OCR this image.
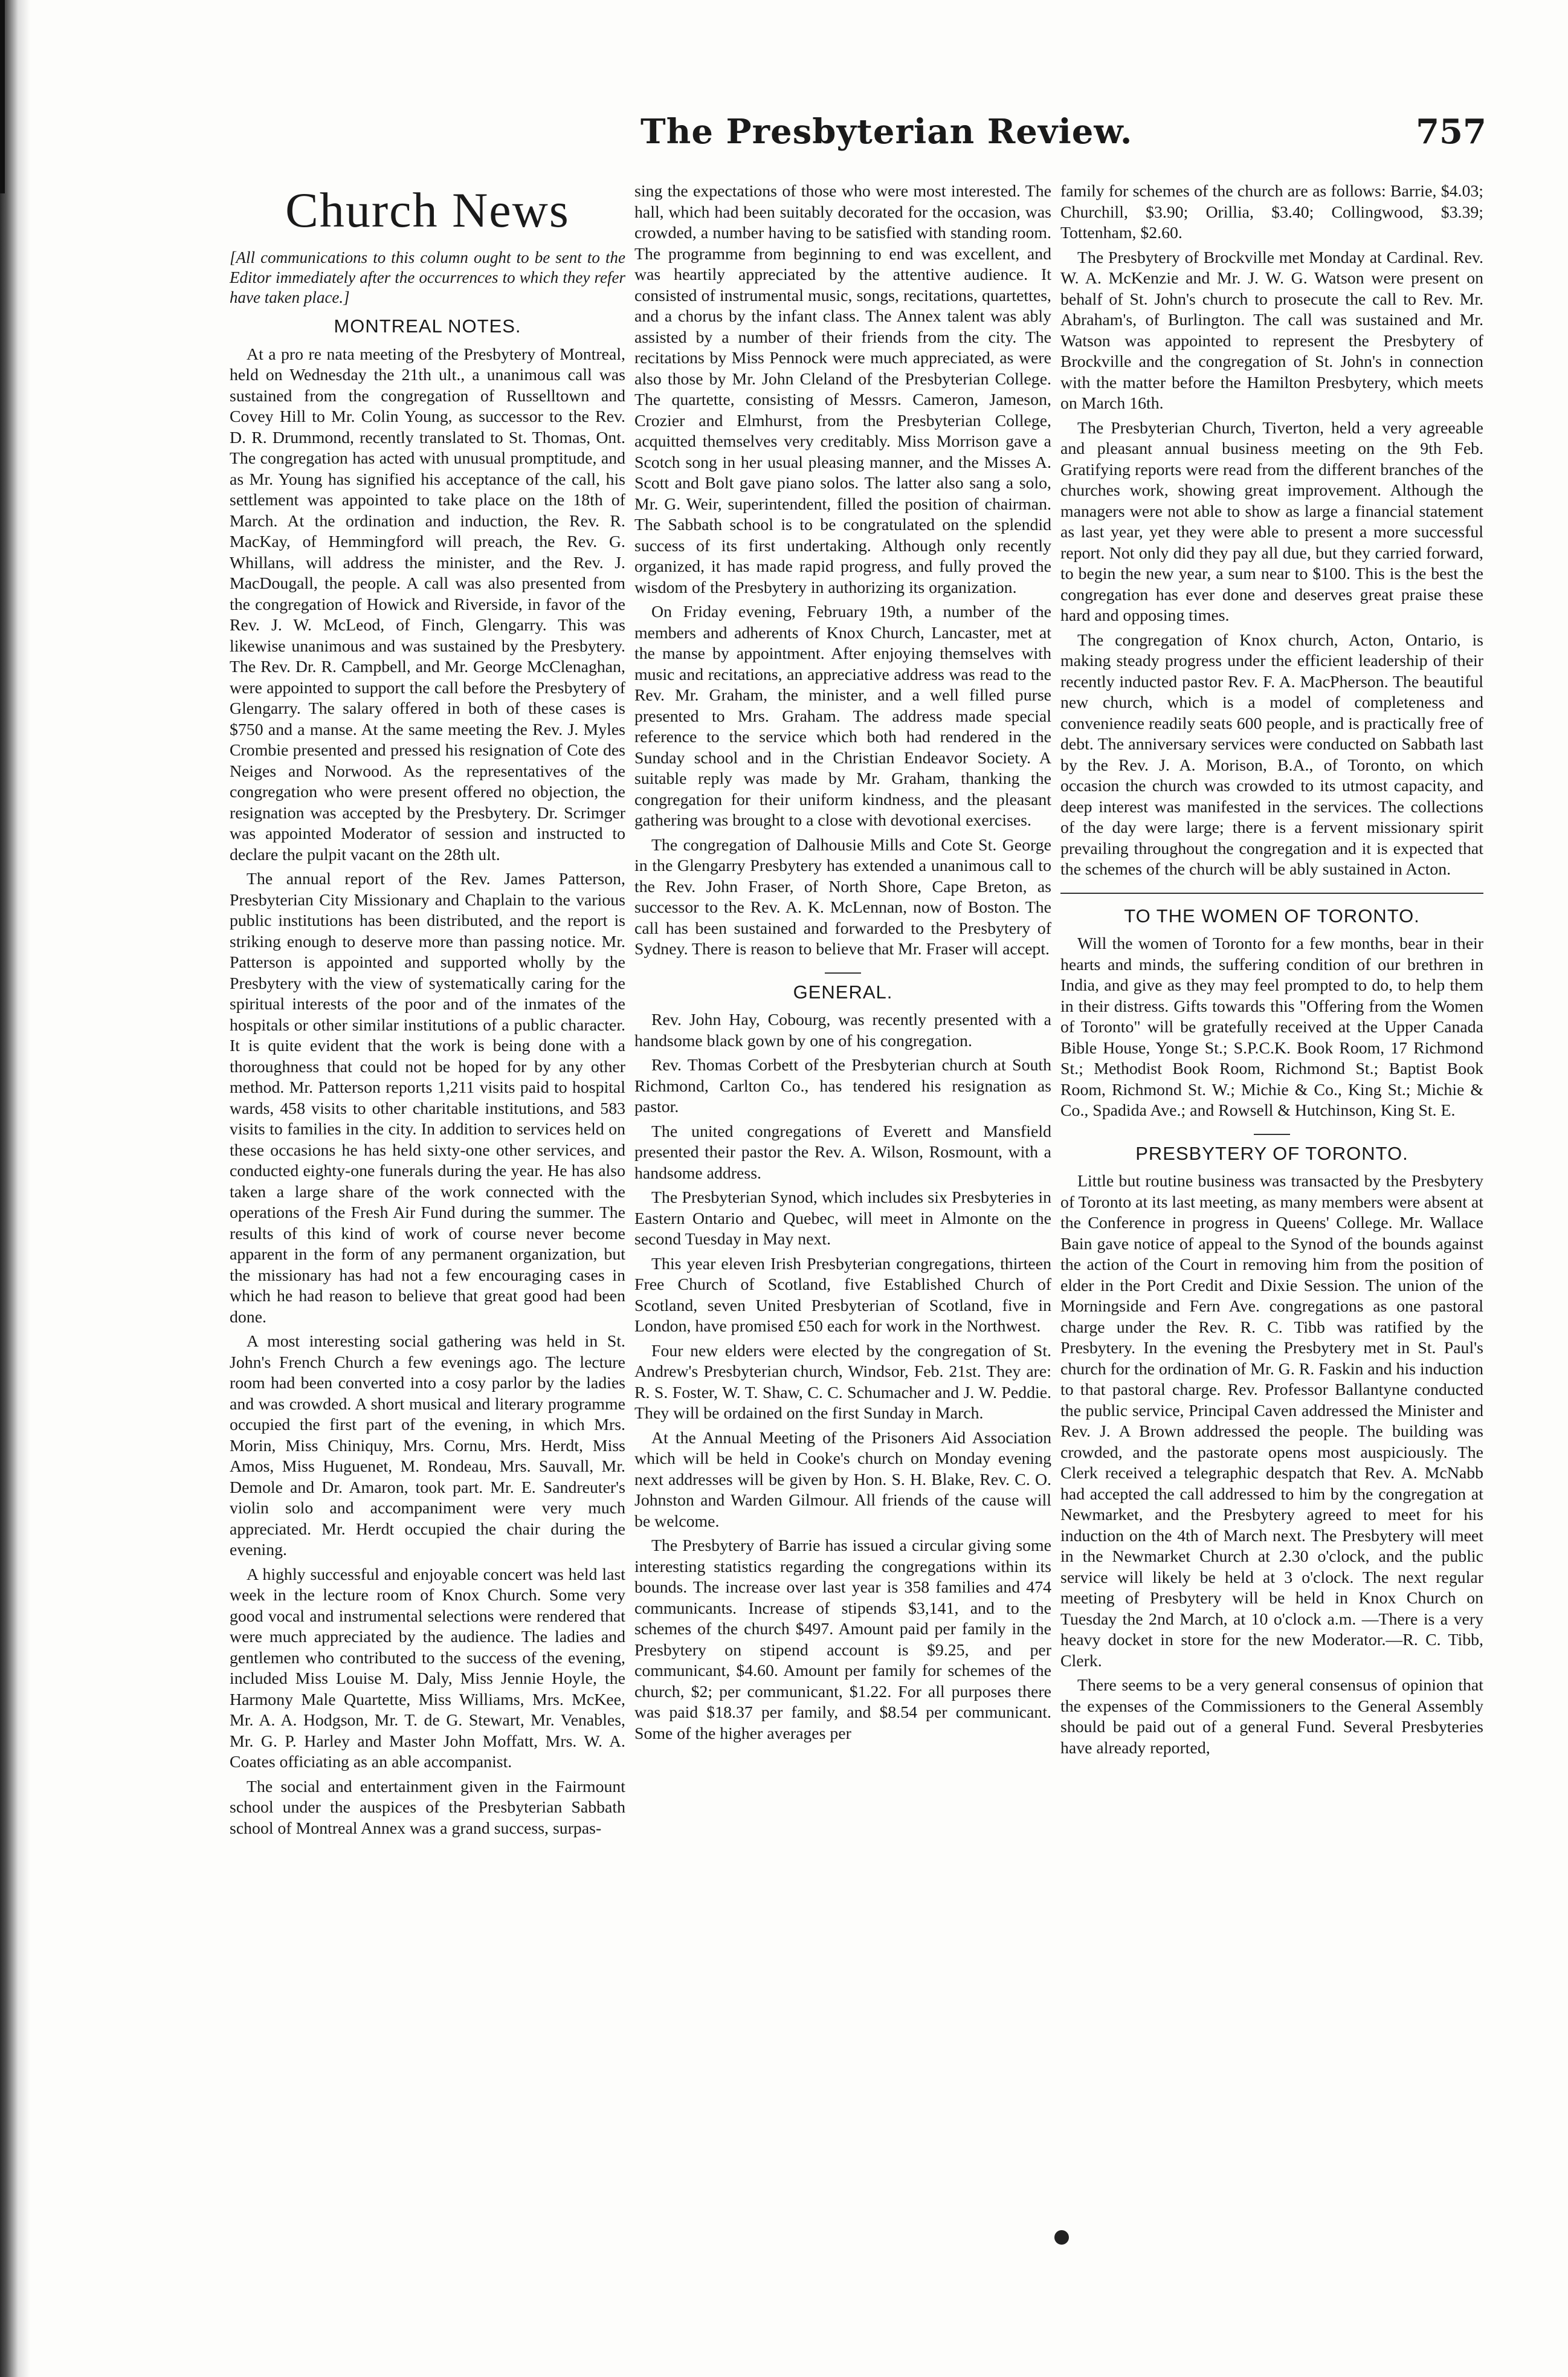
The Presbyterian Review.	757
Church News

[All communications to this column ought to be sent to the Editor immediately after the occurrences to which they refer have taken place.]

MONTREAL NOTES.

At a pro re nata meeting of the Presbytery of Montreal, held on Wednesday the 21th ult., a unanimous call was sustained from the congregation of Russelltown and Covey Hill to Mr. Colin Young, as successor to the Rev. D. R. Drummond, recently translated to St. Thomas, Ont. The congregation has acted with unusual promptitude, and as Mr. Young has signified his acceptance of the call, his settlement was appointed to take place on the 18th of March. At the ordination and induction, the Rev. R. MacKay, of Hemmingford will preach, the Rev. G. Whillans, will address the minister, and the Rev. J. MacDougall, the people. A call was also presented from the congregation of Howick and Riverside, in favor of the Rev. J. W. McLeod, of Finch, Glengarry. This was likewise unanimous and was sustained by the Presbytery. The Rev. Dr. R. Campbell, and Mr. George McClenaghan, were appointed to support the call before the Presbytery of Glengarry. The salary offered in both of these cases is $750 and a manse. At the same meeting the Rev. J. Myles Crombie presented and pressed his resignation of Cote des Neiges and Norwood. As the representatives of the congregation who were present offered no objection, the resignation was accepted by the Presbytery. Dr. Scrimger was appointed Moderator of session and instructed to declare the pulpit vacant on the 28th ult.

The annual report of the Rev. James Patterson, Presbyterian City Missionary and Chaplain to the various public institutions has been distributed, and the report is striking enough to deserve more than passing notice. Mr. Patterson is appointed and supported wholly by the Presbytery with the view of systematically caring for the spiritual interests of the poor and of the inmates of the hospitals or other similar institutions of a public character. It is quite evident that the work is being done with a thoroughness that could not be hoped for by any other method. Mr. Patterson reports 1,211 visits paid to hospital wards, 458 visits to other charitable institutions, and 583 visits to families in the city. In addition to services held on these occasions he has held sixty-one other services, and conducted eighty-one funerals during the year. He has also taken a large share of the work connected with the operations of the Fresh Air Fund during the summer. The results of this kind of work of course never become apparent in the form of any permanent organization, but the missionary has had not a few encouraging cases in which he had reason to believe that great good had been done.

A most interesting social gathering was held in St. John's French Church a few evenings ago. The lecture room had been converted into a cosy parlor by the ladies and was crowded. A short musical and literary programme occupied the first part of the evening, in which Mrs. Morin, Miss Chiniquy, Mrs. Cornu, Mrs. Herdt, Miss Amos, Miss Huguenet, M. Rondeau, Mrs. Sauvall, Mr. Demole and Dr. Amaron, took part. Mr. E. Sandreuter's violin solo and accompaniment were very much appreciated. Mr. Herdt occupied the chair during the evening.

A highly successful and enjoyable concert was held last week in the lecture room of Knox Church. Some very good vocal and instrumental selections were rendered that were much appreciated by the audience. The ladies and gentlemen who contributed to the success of the evening, included Miss Louise M. Daly, Miss Jennie Hoyle, the Harmony Male Quartette, Miss Williams, Mrs. McKee, Mr. A. A. Hodgson, Mr. T. de G. Stewart, Mr. Venables, Mr. G. P. Harley and Master John Moffatt, Mrs. W. A. Coates officiating as an able accompanist.

The social and entertainment given in the Fairmount school under the auspices of the Presbyterian Sabbath school of Montreal Annex was a grand success, surpas-

sing the expectations of those who were most interested. The hall, which had been suitably decorated for the occasion, was crowded, a number having to be satisfied with standing room. The programme from beginning to end was excellent, and was heartily appreciated by the attentive audience. It consisted of instrumental music, songs, recitations, quartettes, and a chorus by the infant class. The Annex talent was ably assisted by a number of their friends from the city. The recitations by Miss Pennock were much appreciated, as were also those by Mr. John Cleland of the Presbyterian College. The quartette, consisting of Messrs. Cameron, Jameson, Crozier and Elmhurst, from the Presbyterian College, acquitted themselves very creditably. Miss Morrison gave a Scotch song in her usual pleasing manner, and the Misses A. Scott and Bolt gave piano solos. The latter also sang a solo, Mr. G. Weir, superintendent, filled the position of chairman. The Sabbath school is to be congratulated on the splendid success of its first undertaking. Although only recently organized, it has made rapid progress, and fully proved the wisdom of the Presbytery in authorizing its organization.

On Friday evening, February 19th, a number of the members and adherents of Knox Church, Lancaster, met at the manse by appointment. After enjoying themselves with music and recitations, an appreciative address was read to the Rev. Mr. Graham, the minister, and a well filled purse presented to Mrs. Graham. The address made special reference to the service which both had rendered in the Sunday school and in the Christian Endeavor Society. A suitable reply was made by Mr. Graham, thanking the congregation for their uniform kindness, and the pleasant gathering was brought to a close with devotional exercises.

The congregation of Dalhousie Mills and Cote St. George in the Glengarry Presbytery has extended a unanimous call to the Rev. John Fraser, of North Shore, Cape Breton, as successor to the Rev. A. K. McLennan, now of Boston. The call has been sustained and forwarded to the Presbytery of Sydney. There is reason to believe that Mr. Fraser will accept.

GENERAL.

Rev. John Hay, Cobourg, was recently presented with a handsome black gown by one of his congregation.

Rev. Thomas Corbett of the Presbyterian church at South Richmond, Carlton Co., has tendered his resignation as pastor.

The united congregations of Everett and Mansfield presented their pastor the Rev. A. Wilson, Rosmount, with a handsome address.

The Presbyterian Synod, which includes six Presbyteries in Eastern Ontario and Quebec, will meet in Almonte on the second Tuesday in May next.

This year eleven Irish Presbyterian congregations, thirteen Free Church of Scotland, five Established Church of Scotland, seven United Presbyterian of Scotland, five in London, have promised £50 each for work in the Northwest.

Four new elders were elected by the congregation of St. Andrew's Presbyterian church, Windsor, Feb. 21st. They are: R. S. Foster, W. T. Shaw, C. C. Schumacher and J. W. Peddie. They will be ordained on the first Sunday in March.

At the Annual Meeting of the Prisoners Aid Association which will be held in Cooke's church on Monday evening next addresses will be given by Hon. S. H. Blake, Rev. C. O. Johnston and Warden Gilmour. All friends of the cause will be welcome.

The Presbytery of Barrie has issued a circular giving some interesting statistics regarding the congregations within its bounds. The increase over last year is 358 families and 474 communicants. Increase of stipends $3,141, and to the schemes of the church $497. Amount paid per family in the Presbytery on stipend account is $9.25, and per communicant, $4.60. Amount per family for schemes of the church, $2; per communicant, $1.22. For all purposes there was paid $18.37 per family, and $8.54 per communicant. Some of the higher averages per

family for schemes of the church are as follows: Barrie, $4.03; Churchill, $3.90; Orillia, $3.40; Collingwood, $3.39; Tottenham, $2.60.

The Presbytery of Brockville met Monday at Cardinal. Rev. W. A. McKenzie and Mr. J. W. G. Watson were present on behalf of St. John's church to prosecute the call to Rev. Mr. Abraham's, of Burlington. The call was sustained and Mr. Watson was appointed to represent the Presbytery of Brockville and the congregation of St. John's in connection with the matter before the Hamilton Presbytery, which meets on March 16th.

The Presbyterian Church, Tiverton, held a very agreeable and pleasant annual business meeting on the 9th Feb. Gratifying reports were read from the different branches of the churches work, showing great improvement. Although the managers were not able to show as large a financial statement as last year, yet they were able to present a more successful report. Not only did they pay all due, but they carried forward, to begin the new year, a sum near to $100. This is the best the congregation has ever done and deserves great praise these hard and opposing times.

The congregation of Knox church, Acton, Ontario, is making steady progress under the efficient leadership of their recently inducted pastor Rev. F. A. MacPherson. The beautiful new church, which is a model of completeness and convenience readily seats 600 people, and is practically free of debt. The anniversary services were conducted on Sabbath last by the Rev. J. A. Morison, B.A., of Toronto, on which occasion the church was crowded to its utmost capacity, and deep interest was manifested in the services. The collections of the day were large; there is a fervent missionary spirit prevailing throughout the congregation and it is expected that the schemes of the church will be ably sustained in Acton.

TO THE WOMEN OF TORONTO.

Will the women of Toronto for a few months, bear in their hearts and minds, the suffering condition of our brethren in India, and give as they may feel prompted to do, to help them in their distress. Gifts towards this "Offering from the Women of Toronto" will be gratefully received at the Upper Canada Bible House, Yonge St.; S.P.C.K. Book Room, 17 Richmond St.; Methodist Book Room, Richmond St.; Baptist Book Room, Richmond St. W.; Michie & Co., King St.; Michie & Co., Spadida Ave.; and Rowsell & Hutchinson, King St. E.

PRESBYTERY OF TORONTO.

Little but routine business was transacted by the Presbytery of Toronto at its last meeting, as many members were absent at the Conference in progress in Queens' College. Mr. Wallace Bain gave notice of appeal to the Synod of the bounds against the action of the Court in removing him from the position of elder in the Port Credit and Dixie Session. The union of the Morningside and Fern Ave. congregations as one pastoral charge under the Rev. R. C. Tibb was ratified by the Presbytery. In the evening the Presbytery met in St. Paul's church for the ordination of Mr. G. R. Faskin and his induction to that pastoral charge. Rev. Professor Ballantyne conducted the public service, Principal Caven addressed the Minister and Rev. J. A Brown addressed the people. The building was crowded, and the pastorate opens most auspiciously. The Clerk received a telegraphic despatch that Rev. A. McNabb had accepted the call addressed to him by the congregation at Newmarket, and the Presbytery agreed to meet for his induction on the 4th of March next. The Presbytery will meet in the Newmarket Church at 2.30 o'clock, and the public service will likely be held at 3 o'clock. The next regular meeting of Presbytery will be held in Knox Church on Tuesday the 2nd March, at 10 o'clock a.m. —There is a very heavy docket in store for the new Moderator.—R. C. Tibb, Clerk.

There seems to be a very general consensus of opinion that the expenses of the Commissioners to the General Assembly should be paid out of a general Fund. Several Presbyteries have already reported,
